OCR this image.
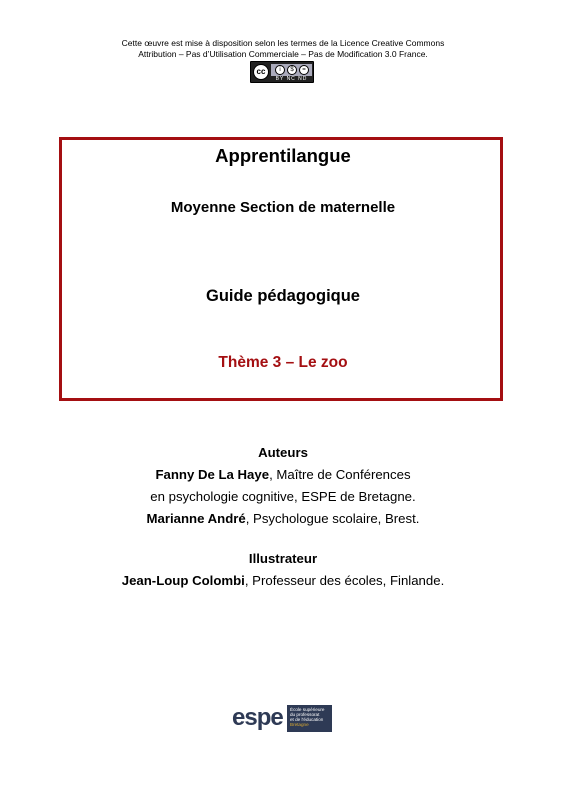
Cette œuvre est mise à disposition selon les termes de la Licence Creative Commons
Attribution – Pas d’Utilisation Commerciale – Pas de Modification 3.0 France.
cc	i	$	=
BY NC ND
Apprentilangue
Moyenne Section de maternelle
Guide pédagogique
Thème 3 – Le zoo
Auteurs
Fanny De La Haye, Maître de Conférences
en psychologie cognitive, ESPE de Bretagne.
Marianne André, Psychologue scolaire, Brest.
Illustrateur
Jean-Loup Colombi, Professeur des écoles, Finlande.
espe	École supérieure
du professorat
et de l'éducation
Bretagne
